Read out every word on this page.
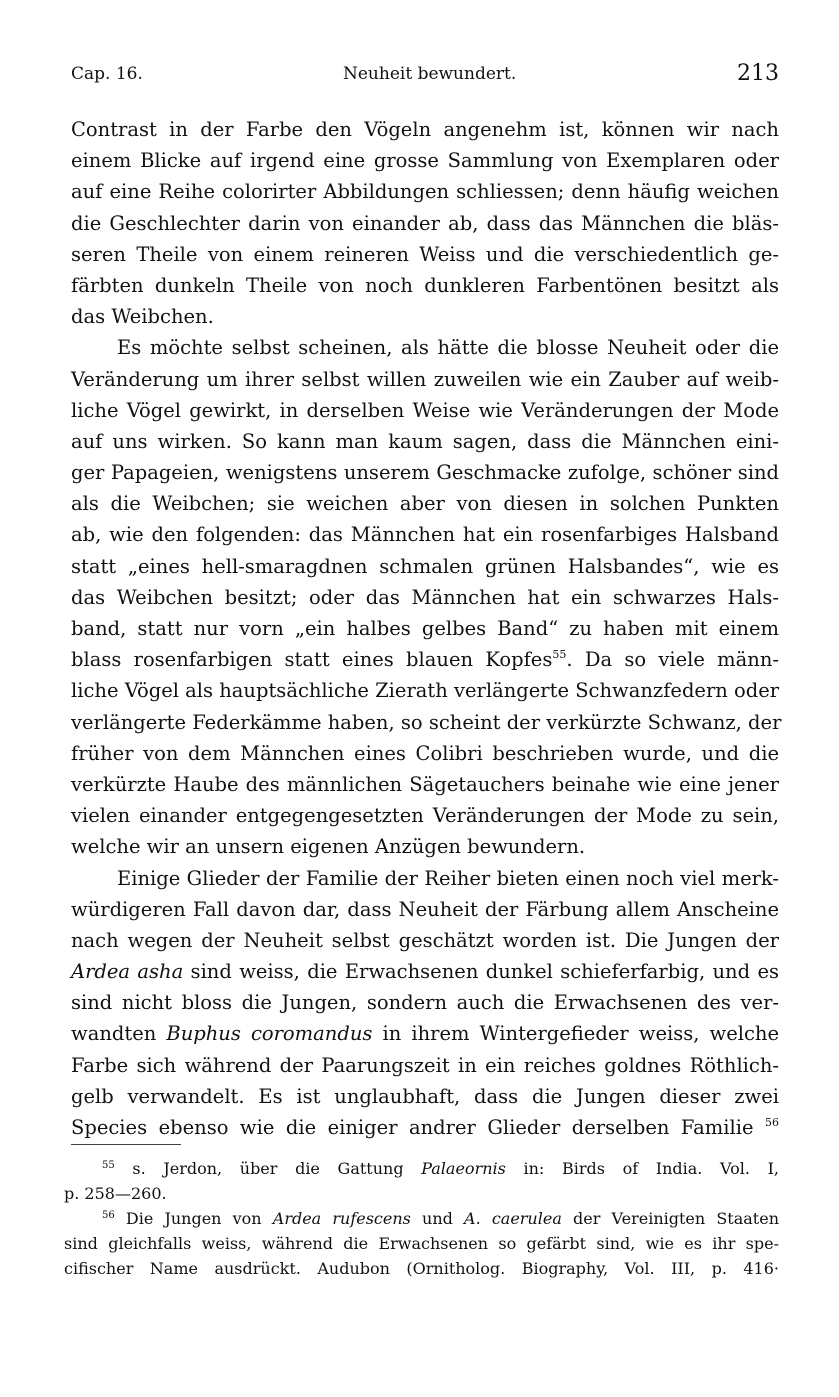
Cap. 16.	Neuheit bewundert.	213
Contrast in der Farbe den Vögeln angenehm ist, können wir nach
einem Blicke auf irgend eine grosse Sammlung von Exemplaren oder
auf eine Reihe colorirter Abbildungen schliessen; denn häufig weichen
die Geschlechter darin von einander ab, dass das Männchen die bläs-
seren Theile von einem reineren Weiss und die verschiedentlich ge-
färbten dunkeln Theile von noch dunkleren Farbentönen besitzt als
das Weibchen.
Es möchte selbst scheinen, als hätte die blosse Neuheit oder die
Veränderung um ihrer selbst willen zuweilen wie ein Zauber auf weib-
liche Vögel gewirkt, in derselben Weise wie Veränderungen der Mode
auf uns wirken. So kann man kaum sagen, dass die Männchen eini-
ger Papageien, wenigstens unserem Geschmacke zufolge, schöner sind
als die Weibchen; sie weichen aber von diesen in solchen Punkten
ab, wie den folgenden: das Männchen hat ein rosenfarbiges Halsband
statt „eines hell-smaragdnen schmalen grünen Halsbandes“, wie es
das Weibchen besitzt; oder das Männchen hat ein schwarzes Hals-
band, statt nur vorn „ein halbes gelbes Band“ zu haben mit einem
blass rosenfarbigen statt eines blauen Kopfes$^{55}$. Da so viele männ-
liche Vögel als hauptsächliche Zierath verlängerte Schwanzfedern oder
verlängerte Federkämme haben, so scheint der verkürzte Schwanz, der
früher von dem Männchen eines Colibri beschrieben wurde, und die
verkürzte Haube des männlichen Sägetauchers beinahe wie eine jener
vielen einander entgegengesetzten Veränderungen der Mode zu sein,
welche wir an unsern eigenen Anzügen bewundern.
Einige Glieder der Familie der Reiher bieten einen noch viel merk-
würdigeren Fall davon dar, dass Neuheit der Färbung allem Anscheine
nach wegen der Neuheit selbst geschätzt worden ist. Die Jungen der
Ardea asha sind weiss, die Erwachsenen dunkel schieferfarbig, und es
sind nicht bloss die Jungen, sondern auch die Erwachsenen des ver-
wandten Buphus coromandus in ihrem Wintergefieder weiss, welche
Farbe sich während der Paarungszeit in ein reiches goldnes Röthlich-
gelb verwandelt. Es ist unglaubhaft, dass die Jungen dieser zwei
Species ebenso wie die einiger andrer Glieder derselben Familie $^{56}$
$^{55}$ s. Jerdon, über die Gattung Palaeornis in: Birds of India. Vol. I,
p. 258—260.
$^{56}$ Die Jungen von Ardea rufescens und A. caerulea der Vereinigten Staaten
sind gleichfalls weiss, während die Erwachsenen so gefärbt sind, wie es ihr spe-
cifischer Name ausdrückt. Audubon (Ornitholog. Biography, Vol. III, p. 416·
